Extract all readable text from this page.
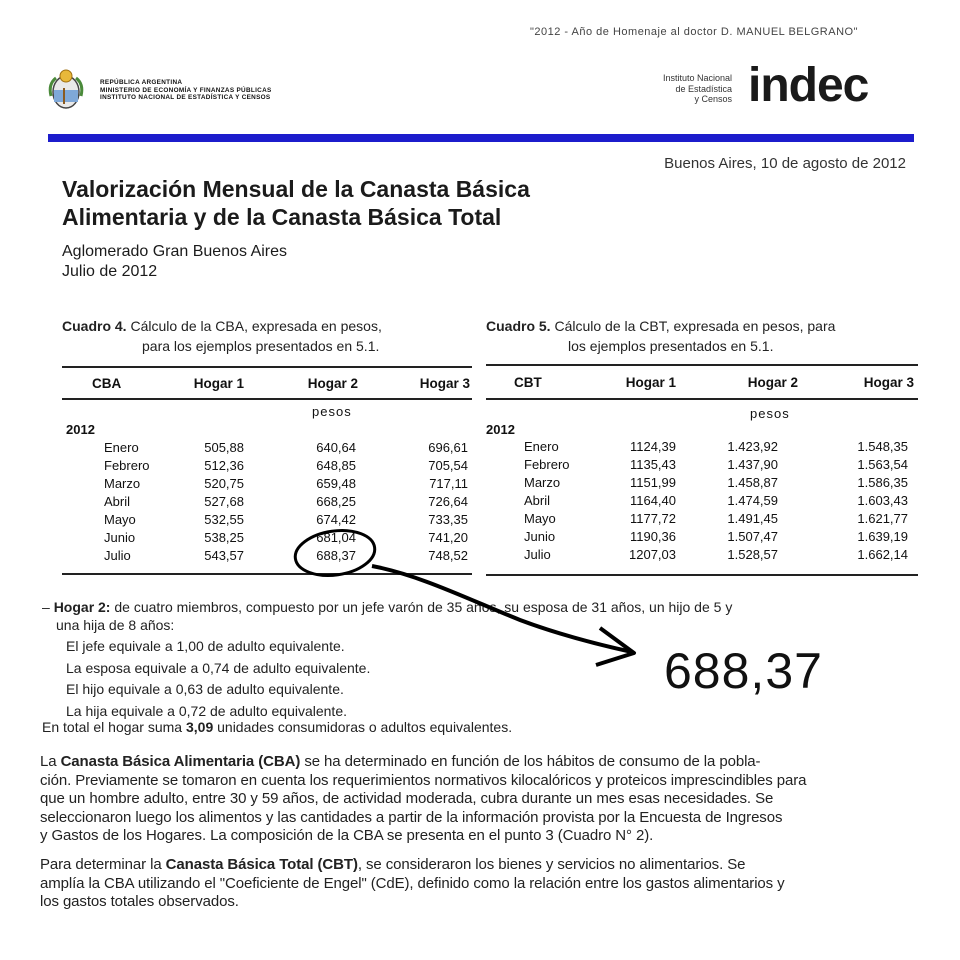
"2012 - Año de Homenaje al doctor D. MANUEL BELGRANO"
REPÚBLICA ARGENTINA
MINISTERIO DE ECONOMÍA Y FINANZAS PÚBLICAS
INSTITUTO NACIONAL DE ESTADÍSTICA Y CENSOS
Instituto Nacional
de Estadística
y Censos indec
Buenos Aires, 10 de agosto de 2012
Valorización Mensual de la Canasta Básica
Alimentaria y de la Canasta Básica Total
Aglomerado Gran Buenos Aires
Julio de 2012
Cuadro 4. Cálculo de la CBA, expresada en pesos,
para los ejemplos presentados en 5.1.
Cuadro 5. Cálculo de la CBT, expresada en pesos, para
los ejemplos presentados en 5.1.
CBA	Hogar 1	Hogar 2	Hogar 3
pesos
2012
Enero	505,88	640,64	696,61
Febrero	512,36	648,85	705,54
Marzo	520,75	659,48	717,11
Abril	527,68	668,25	726,64
Mayo	532,55	674,42	733,35
Junio	538,25	681,04	741,20
Julio	543,57	688,37	748,52
CBT	Hogar 1	Hogar 2	Hogar 3
pesos
2012
Enero	1124,39	1.423,92	1.548,35
Febrero	1135,43	1.437,90	1.563,54
Marzo	1151,99	1.458,87	1.586,35
Abril	1164,40	1.474,59	1.603,43
Mayo	1177,72	1.491,45	1.621,77
Junio	1190,36	1.507,47	1.639,19
Julio	1207,03	1.528,57	1.662,14
– Hogar 2: de cuatro miembros, compuesto por un jefe varón de 35 años, su esposa de 31 años, un hijo de 5 y
una hija de 8 años:
El jefe equivale a 1,00 de adulto equivalente.
La esposa equivale a 0,74 de adulto equivalente.
El hijo equivale a 0,63 de adulto equivalente.
La hija equivale a 0,72 de adulto equivalente.
En total el hogar suma 3,09 unidades consumidoras o adultos equivalentes.
688,37
La Canasta Básica Alimentaria (CBA) se ha determinado en función de los hábitos de consumo de la pobla-
ción. Previamente se tomaron en cuenta los requerimientos normativos kilocalóricos y proteicos imprescindibles para
que un hombre adulto, entre 30 y 59 años, de actividad moderada, cubra durante un mes esas necesidades. Se
seleccionaron luego los alimentos y las cantidades a partir de la información provista por la Encuesta de Ingresos
y Gastos de los Hogares. La composición de la CBA se presenta en el punto 3 (Cuadro N° 2).
Para determinar la Canasta Básica Total (CBT), se consideraron los bienes y servicios no alimentarios. Se
amplía la CBA utilizando el "Coeficiente de Engel" (CdE), definido como la relación entre los gastos alimentarios y
los gastos totales observados.
